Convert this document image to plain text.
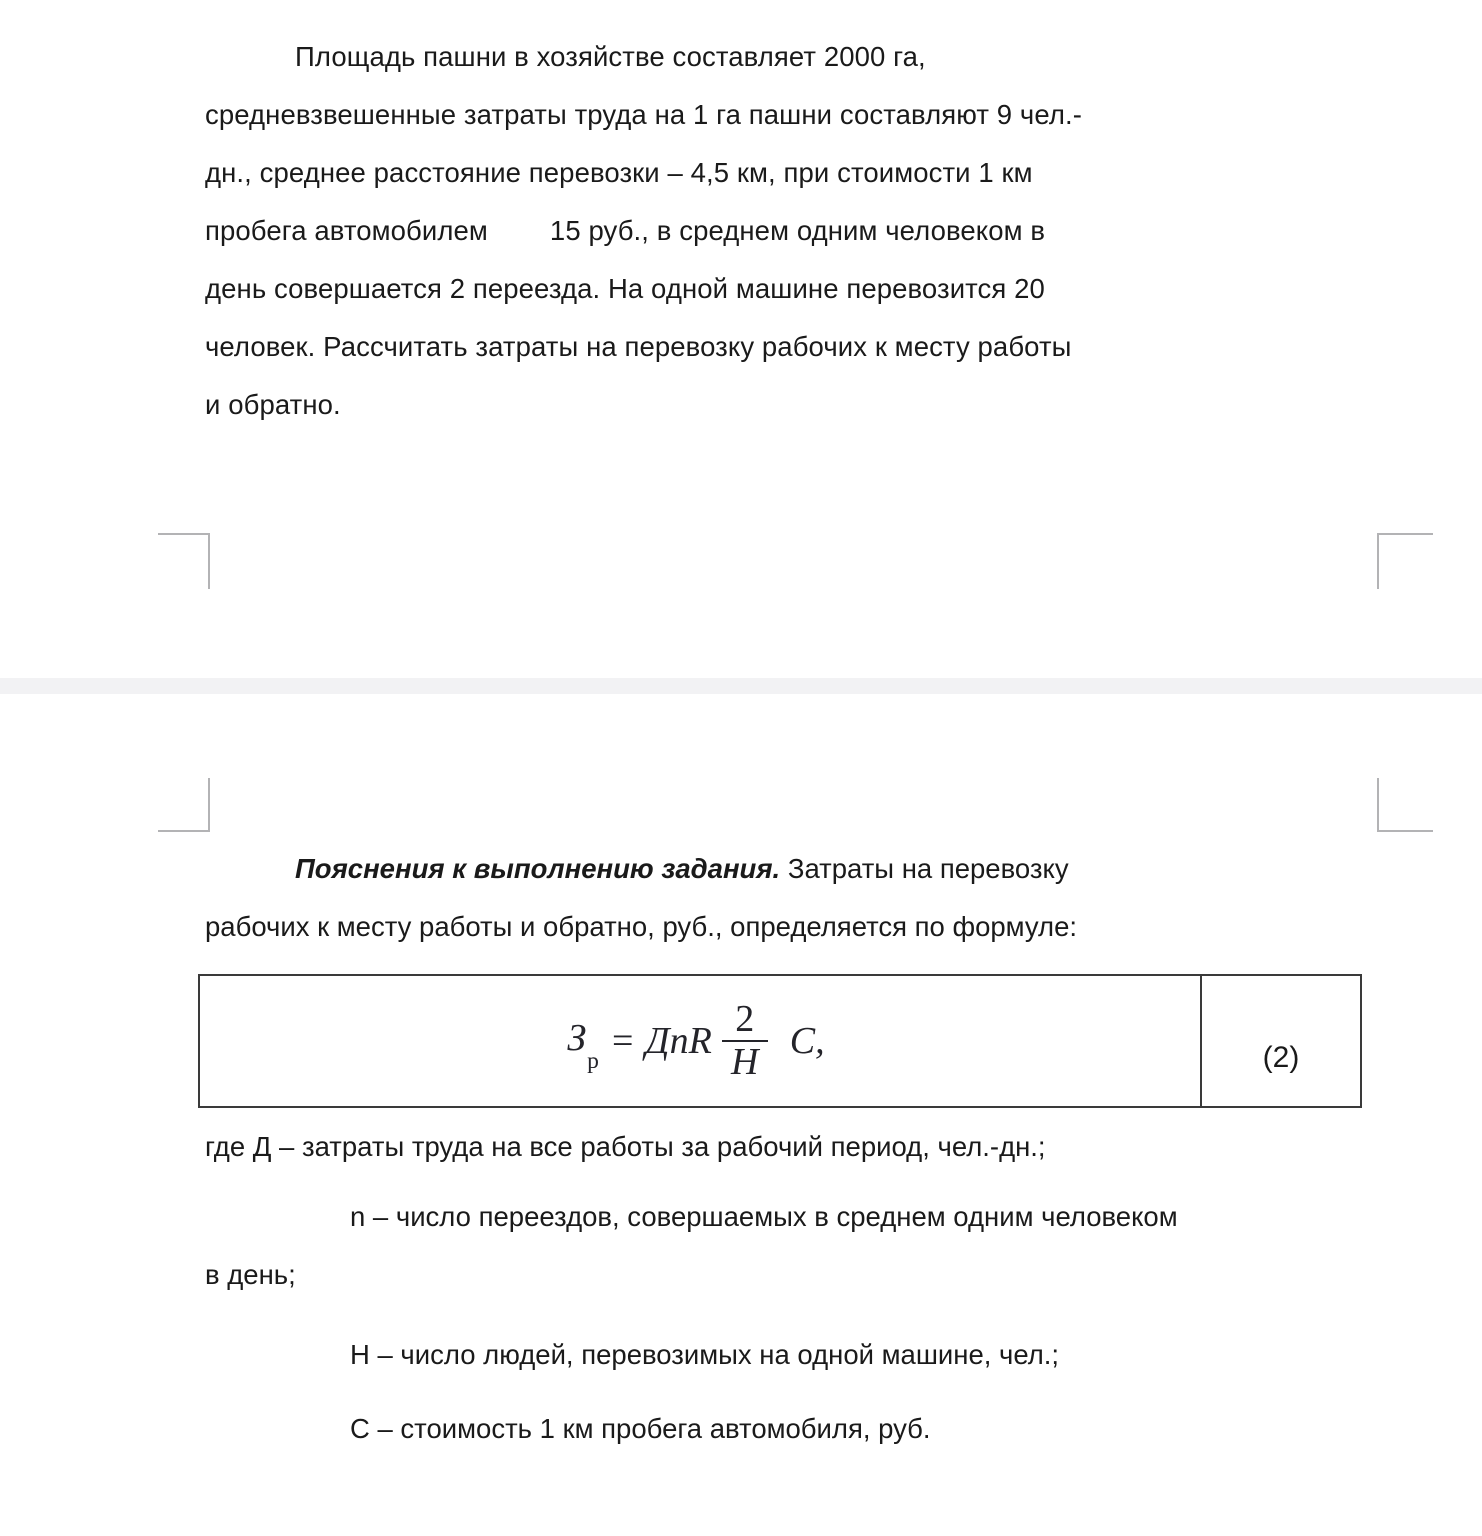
Площадь пашни в хозяйстве составляет 2000 га,
средневзвешенные затраты труда на 1 га пашни составляют 9 чел.-
дн., среднее расстояние перевозки – 4,5 км, при стоимости 1 км
пробега автомобилем 15 руб., в среднем одним человеком в
день совершается 2 переезда. На одной машине перевозится 20
человек. Рассчитать затраты на перевозку рабочих к месту работы
и обратно.
Пояснения к выполнению задания. Затраты на перевозку
рабочих к месту работы и обратно, руб., определяется по формуле:
$З_р$ = ДnR $\frac{2}{Н} С$,	(2)
где Д – затраты труда на все работы за рабочий период, чел.-дн.;
n – число переездов, совершаемых в среднем одним человеком
в день;
Н – число людей, перевозимых на одной машине, чел.;
С – стоимость 1 км пробега автомобиля, руб.
